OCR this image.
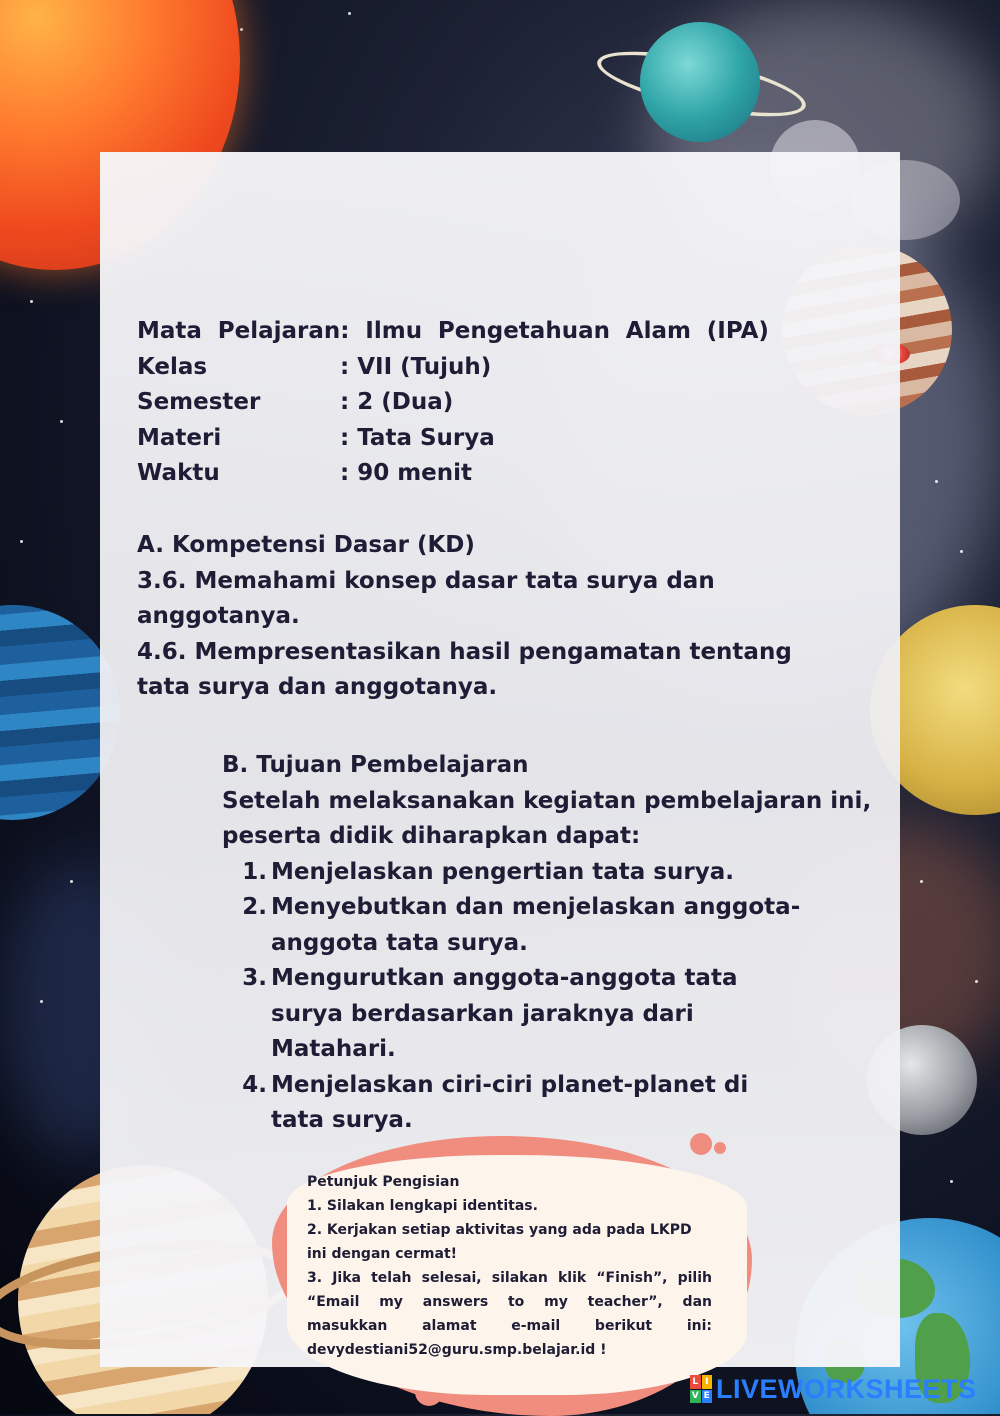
Mata Pelajaran: Ilmu Pengetahuan Alam (IPA)
Kelas	: VII (Tujuh)
Semester	: 2 (Dua)
Materi	: Tata Surya
Waktu	: 90 menit
A. Kompetensi Dasar (KD)
3.6. Memahami konsep dasar tata surya dan
anggotanya.
4.6. Mempresentasikan hasil pengamatan tentang
tata surya dan anggotanya.
B. Tujuan Pembelajaran
Setelah melaksanakan kegiatan pembelajaran ini,
peserta didik diharapkan dapat:
1. Menjelaskan pengertian tata surya.
2. Menyebutkan dan menjelaskan anggota-anggota tata surya.
3. Mengurutkan anggota-anggota tata surya berdasarkan jaraknya dari Matahari.
4. Menjelaskan ciri-ciri planet-planet di tata surya.
Petunjuk Pengisian
1. Silakan lengkapi identitas.
2. Kerjakan setiap aktivitas yang ada pada LKPD
ini dengan cermat!
3. Jika telah selesai, silakan klik “Finish”, pilih
“Email my answers to my teacher”, dan
masukkan alamat e-mail berikut ini:
devydestiani52@guru.smp.belajar.id !
L I
V E LIVEWORKSHEETS
